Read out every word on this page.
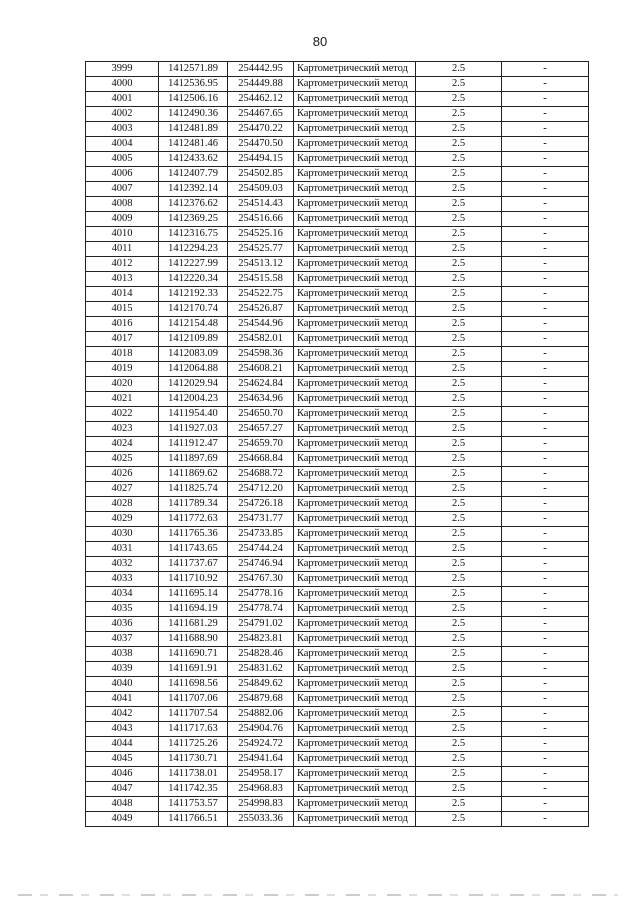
80
3999	1412571.89	254442.95	Картометрический метод	2.5	-
4000	1412536.95	254449.88	Картометрический метод	2.5	-
4001	1412506.16	254462.12	Картометрический метод	2.5	-
4002	1412490.36	254467.65	Картометрический метод	2.5	-
4003	1412481.89	254470.22	Картометрический метод	2.5	-
4004	1412481.46	254470.50	Картометрический метод	2.5	-
4005	1412433.62	254494.15	Картометрический метод	2.5	-
4006	1412407.79	254502.85	Картометрический метод	2.5	-
4007	1412392.14	254509.03	Картометрический метод	2.5	-
4008	1412376.62	254514.43	Картометрический метод	2.5	-
4009	1412369.25	254516.66	Картометрический метод	2.5	-
4010	1412316.75	254525.16	Картометрический метод	2.5	-
4011	1412294.23	254525.77	Картометрический метод	2.5	-
4012	1412227.99	254513.12	Картометрический метод	2.5	-
4013	1412220.34	254515.58	Картометрический метод	2.5	-
4014	1412192.33	254522.75	Картометрический метод	2.5	-
4015	1412170.74	254526.87	Картометрический метод	2.5	-
4016	1412154.48	254544.96	Картометрический метод	2.5	-
4017	1412109.89	254582.01	Картометрический метод	2.5	-
4018	1412083.09	254598.36	Картометрический метод	2.5	-
4019	1412064.88	254608.21	Картометрический метод	2.5	-
4020	1412029.94	254624.84	Картометрический метод	2.5	-
4021	1412004.23	254634.96	Картометрический метод	2.5	-
4022	1411954.40	254650.70	Картометрический метод	2.5	-
4023	1411927.03	254657.27	Картометрический метод	2.5	-
4024	1411912.47	254659.70	Картометрический метод	2.5	-
4025	1411897.69	254668.84	Картометрический метод	2.5	-
4026	1411869.62	254688.72	Картометрический метод	2.5	-
4027	1411825.74	254712.20	Картометрический метод	2.5	-
4028	1411789.34	254726.18	Картометрический метод	2.5	-
4029	1411772.63	254731.77	Картометрический метод	2.5	-
4030	1411765.36	254733.85	Картометрический метод	2.5	-
4031	1411743.65	254744.24	Картометрический метод	2.5	-
4032	1411737.67	254746.94	Картометрический метод	2.5	-
4033	1411710.92	254767.30	Картометрический метод	2.5	-
4034	1411695.14	254778.16	Картометрический метод	2.5	-
4035	1411694.19	254778.74	Картометрический метод	2.5	-
4036	1411681.29	254791.02	Картометрический метод	2.5	-
4037	1411688.90	254823.81	Картометрический метод	2.5	-
4038	1411690.71	254828.46	Картометрический метод	2.5	-
4039	1411691.91	254831.62	Картометрический метод	2.5	-
4040	1411698.56	254849.62	Картометрический метод	2.5	-
4041	1411707.06	254879.68	Картометрический метод	2.5	-
4042	1411707.54	254882.06	Картометрический метод	2.5	-
4043	1411717.63	254904.76	Картометрический метод	2.5	-
4044	1411725.26	254924.72	Картометрический метод	2.5	-
4045	1411730.71	254941.64	Картометрический метод	2.5	-
4046	1411738.01	254958.17	Картометрический метод	2.5	-
4047	1411742.35	254968.83	Картометрический метод	2.5	-
4048	1411753.57	254998.83	Картометрический метод	2.5	-
4049	1411766.51	255033.36	Картометрический метод	2.5	-
